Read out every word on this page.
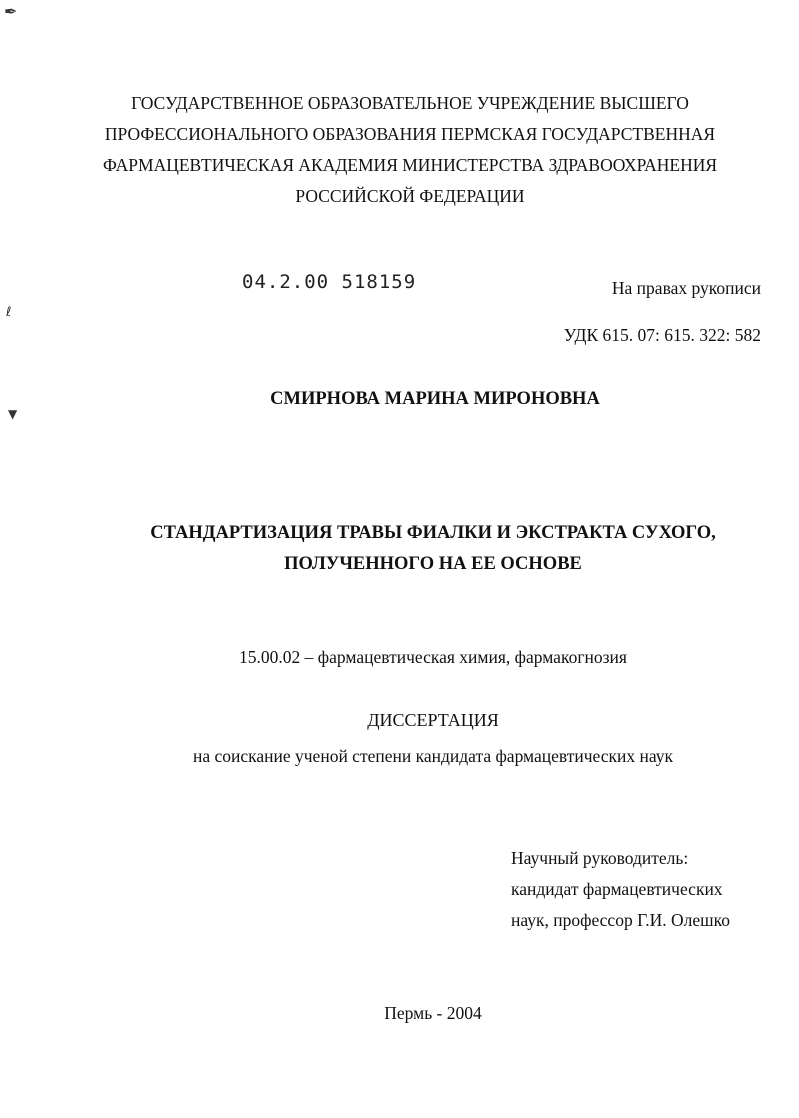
✒
ℓ
▼
ГОСУДАРСТВЕННОЕ ОБРАЗОВАТЕЛЬНОЕ УЧРЕЖДЕНИЕ ВЫСШЕГО
ПРОФЕССИОНАЛЬНОГО ОБРАЗОВАНИЯ ПЕРМСКАЯ ГОСУДАРСТВЕННАЯ
ФАРМАЦЕВТИЧЕСКАЯ АКАДЕМИЯ МИНИСТЕРСТВА ЗДРАВООХРАНЕНИЯ
РОССИЙСКОЙ ФЕДЕРАЦИИ
04.2.00 518159	На правах рукописи
УДК 615. 07: 615. 322: 582
СМИРНОВА МАРИНА МИРОНОВНА
СТАНДАРТИЗАЦИЯ ТРАВЫ ФИАЛКИ И ЭКСТРАКТА СУХОГО,
ПОЛУЧЕННОГО НА ЕЕ ОСНОВЕ
15.00.02 – фармацевтическая химия, фармакогнозия
ДИССЕРТАЦИЯ
на соискание ученой степени кандидата фармацевтических наук
Научный руководитель:
кандидат фармацевтических
наук, профессор Г.И. Олешко
Пермь - 2004
